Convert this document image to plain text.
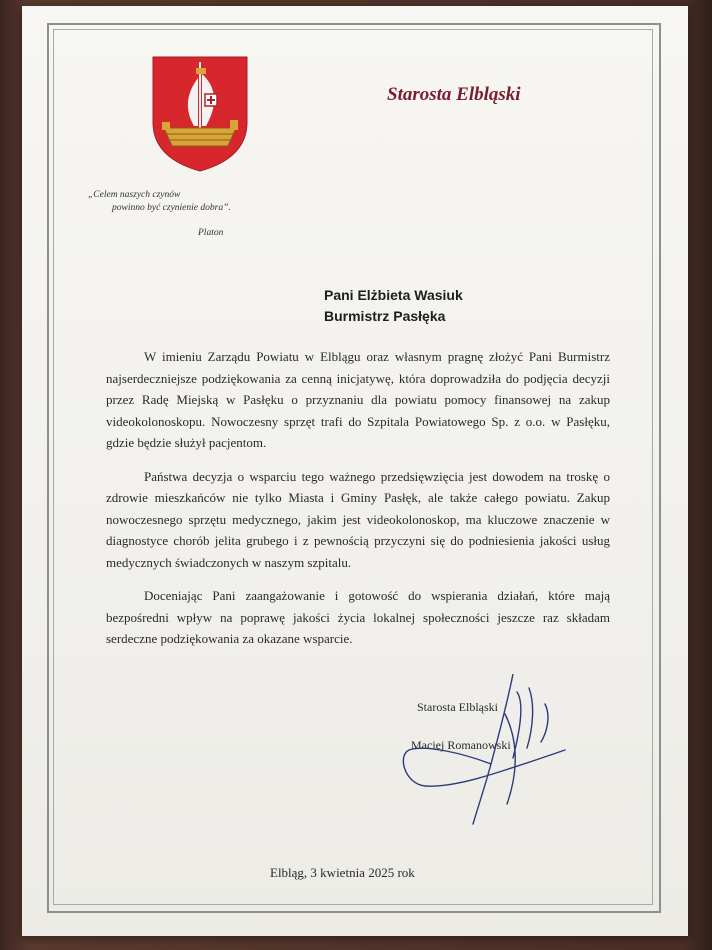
„Celem naszych czynów
powinno być czynienie dobra”.
Platon
Starosta Elbląski
Pani Elżbieta Wasiuk
Burmistrz Pasłęka

W imieniu Zarządu Powiatu w Elblągu oraz własnym pragnę złożyć Pani Burmistrz najserdeczniejsze podziękowania za cenną inicjatywę, która doprowadziła do podjęcia decyzji przez Radę Miejską w Pasłęku o przyznaniu dla powiatu pomocy finansowej na zakup videokolonoskopu. Nowoczesny sprzęt trafi do Szpitala Powiatowego Sp. z o.o. w Pasłęku, gdzie będzie służył pacjentom.

Państwa decyzja o wsparciu tego ważnego przedsięwzięcia jest dowodem na troskę o zdrowie mieszkańców nie tylko Miasta i Gminy Pasłęk, ale także całego powiatu. Zakup nowoczesnego sprzętu medycznego, jakim jest videokolonoskop, ma kluczowe znaczenie w diagnostyce chorób jelita grubego i z pewnością przyczyni się do podniesienia jakości usług medycznych świadczonych w naszym szpitalu.

Doceniając Pani zaangażowanie i gotowość do wspierania działań, które mają bezpośredni wpływ na poprawę jakości życia lokalnej społeczności jeszcze raz składam serdeczne podziękowania za okazane wsparcie.

Starosta Elbląski
Maciej Romanowski
Elbląg, 3 kwietnia 2025 rok
